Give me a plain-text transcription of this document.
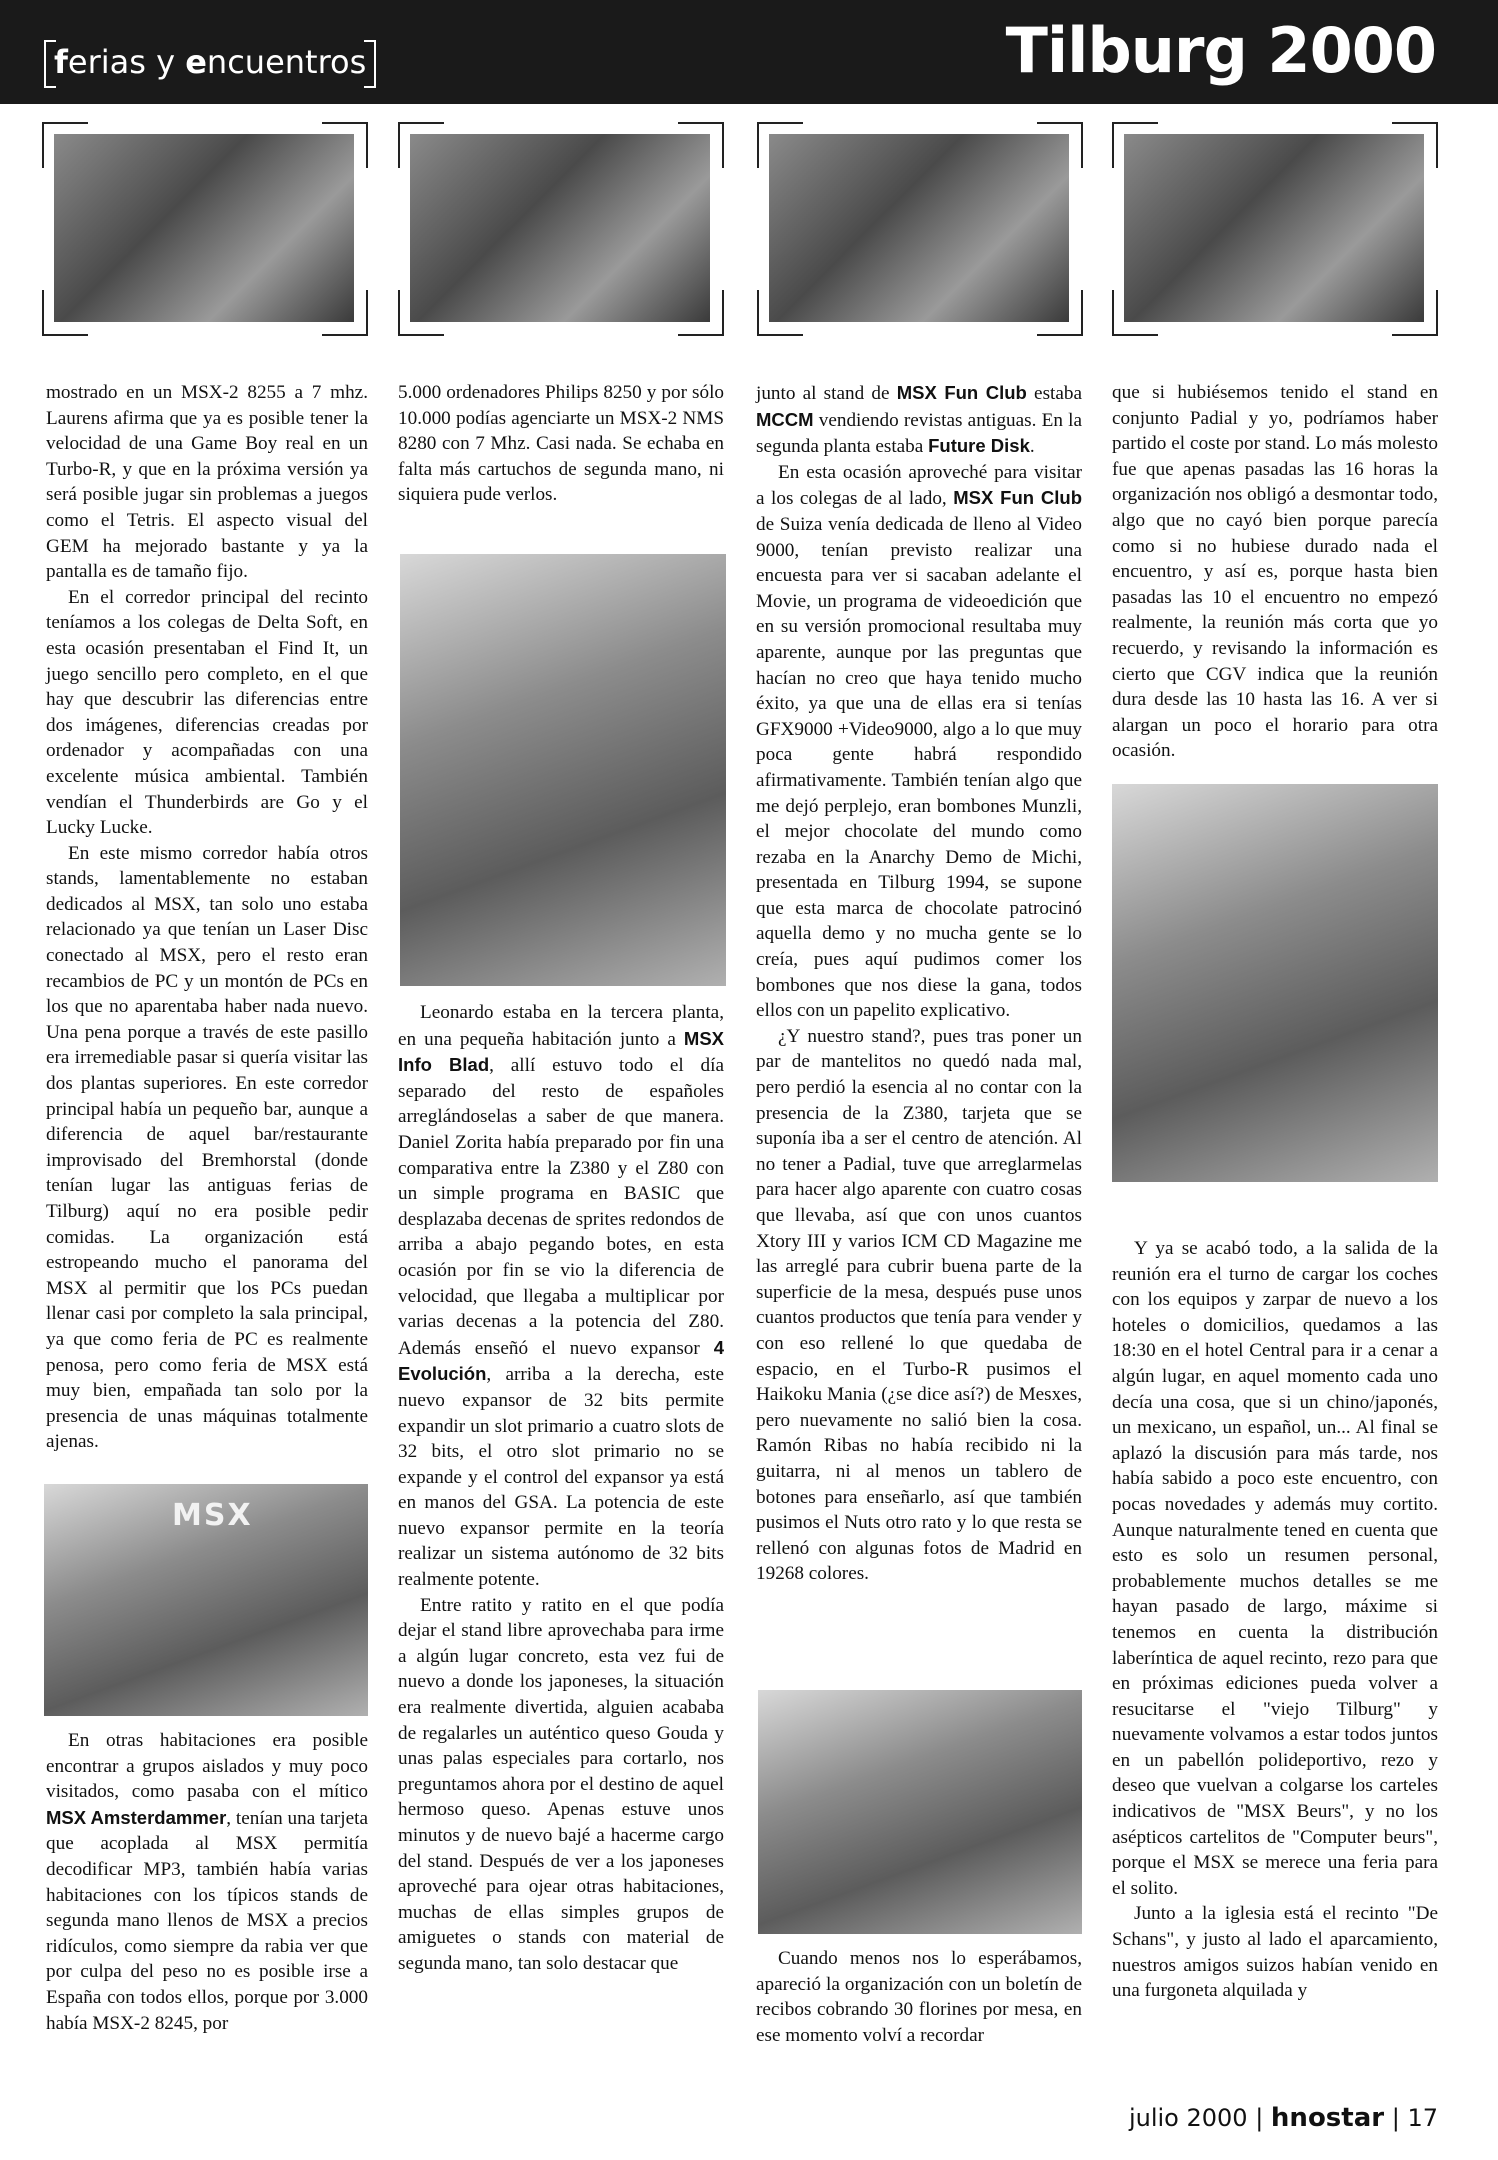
ferias y encuentros	Tilburg 2000

mostrado en un MSX-2 8255 a 7 mhz. Laurens afirma que ya es posible tener la velocidad de una Game Boy real en un Turbo-R, y que en la próxima versión ya será posible jugar sin problemas a juegos como el Tetris. El aspecto visual del GEM ha mejorado bastante y ya la pantalla es de tamaño fijo.

En el corredor principal del recinto teníamos a los colegas de Delta Soft, en esta ocasión presentaban el Find It, un juego sencillo pero completo, en el que hay que descubrir las diferencias entre dos imágenes, diferencias creadas por ordenador y acompañadas con una excelente música ambiental. También vendían el Thunderbirds are Go y el Lucky Lucke.

En este mismo corredor había otros stands, lamentablemente no estaban dedicados al MSX, tan solo uno estaba relacionado ya que tenían un Laser Disc conectado al MSX, pero el resto eran recambios de PC y un montón de PCs en los que no aparentaba haber nada nuevo. Una pena porque a través de este pasillo era irremediable pasar si quería visitar las dos plantas superiores. En este corredor principal había un pequeño bar, aunque a diferencia de aquel bar/restaurante improvisado del Bremhorstal (donde tenían lugar las antiguas ferias de Tilburg) aquí no era posible pedir comidas. La organización está estropeando mucho el panorama del MSX al permitir que los PCs puedan llenar casi por completo la sala principal, ya que como feria de PC es realmente penosa, pero como feria de MSX está muy bien, empañada tan solo por la presencia de unas máquinas totalmente ajenas.

MSX

En otras habitaciones era posible encontrar a grupos aislados y muy poco visitados, como pasaba con el mítico MSX Amsterdammer, tenían una tarjeta que acoplada al MSX permitía decodificar MP3, también había varias habitaciones con los típicos stands de segunda mano llenos de MSX a precios ridículos, como siempre da rabia ver que por culpa del peso no es posible irse a España con todos ellos, porque por 3.000 había MSX-2 8245, por

5.000 ordenadores Philips 8250 y por sólo 10.000 podías agenciarte un MSX-2 NMS 8280 con 7 Mhz. Casi nada. Se echaba en falta más cartuchos de segunda mano, ni siquiera pude verlos.

Leonardo estaba en la tercera planta, en una pequeña habitación junto a MSX Info Blad, allí estuvo todo el día separado del resto de españoles arreglándoselas a saber de que manera. Daniel Zorita había preparado por fin una comparativa entre la Z380 y el Z80 con un simple programa en BASIC que desplazaba decenas de sprites redondos de arriba a abajo pegando botes, en esta ocasión por fin se vio la diferencia de velocidad, que llegaba a multiplicar por varias decenas a la potencia del Z80. Además enseñó el nuevo expansor 4 Evolución, arriba a la derecha, este nuevo expansor de 32 bits permite expandir un slot primario a cuatro slots de 32 bits, el otro slot primario no se expande y el control del expansor ya está en manos del GSA. La potencia de este nuevo expansor permite en la teoría realizar un sistema autónomo de 32 bits realmente potente.

Entre ratito y ratito en el que podía dejar el stand libre aprovechaba para irme a algún lugar concreto, esta vez fui de nuevo a donde los japoneses, la situación era realmente divertida, alguien acababa de regalarles un auténtico queso Gouda y unas palas especiales para cortarlo, nos preguntamos ahora por el destino de aquel hermoso queso. Apenas estuve unos minutos y de nuevo bajé a hacerme cargo del stand. Después de ver a los japoneses aproveché para ojear otras habitaciones, muchas de ellas simples grupos de amiguetes o stands con material de segunda mano, tan solo destacar que

junto al stand de MSX Fun Club estaba MCCM vendiendo revistas antiguas. En la segunda planta estaba Future Disk.

En esta ocasión aproveché para visitar a los colegas de al lado, MSX Fun Club de Suiza venía dedicada de lleno al Video 9000, tenían previsto realizar una encuesta para ver si sacaban adelante el Movie, un programa de videoedición que en su versión promocional resultaba muy aparente, aunque por las preguntas que hacían no creo que haya tenido mucho éxito, ya que una de ellas era si tenías GFX9000 +Video9000, algo a lo que muy poca gente habrá respondido afirmativamente. También tenían algo que me dejó perplejo, eran bombones Munzli, el mejor chocolate del mundo como rezaba en la Anarchy Demo de Michi, presentada en Tilburg 1994, se supone que esta marca de chocolate patrocinó aquella demo y no mucha gente se lo creía, pues aquí pudimos comer los bombones que nos diese la gana, todos ellos con un papelito explicativo.

¿Y nuestro stand?, pues tras poner un par de mantelitos no quedó nada mal, pero perdió la esencia al no contar con la presencia de la Z380, tarjeta que se suponía iba a ser el centro de atención. Al no tener a Padial, tuve que arreglarmelas para hacer algo aparente con cuatro cosas que llevaba, así que con unos cuantos Xtory III y varios ICM CD Magazine me las arreglé para cubrir buena parte de la superficie de la mesa, después puse unos cuantos productos que tenía para vender y con eso rellené lo que quedaba de espacio, en el Turbo-R pusimos el Haikoku Mania (¿se dice así?) de Mesxes, pero nuevamente no salió bien la cosa. Ramón Ribas no había recibido ni la guitarra, ni al menos un tablero de botones para enseñarlo, así que también pusimos el Nuts otro rato y lo que resta se rellenó con algunas fotos de Madrid en 19268 colores.

Cuando menos nos lo esperábamos, apareció la organización con un boletín de recibos cobrando 30 florines por mesa, en ese momento volví a recordar

que si hubiésemos tenido el stand en conjunto Padial y yo, podríamos haber partido el coste por stand. Lo más molesto fue que apenas pasadas las 16 horas la organización nos obligó a desmontar todo, algo que no cayó bien porque parecía como si no hubiese durado nada el encuentro, y así es, porque hasta bien pasadas las 10 el encuentro no empezó realmente, la reunión más corta que yo recuerdo, y revisando la información es cierto que CGV indica que la reunión dura desde las 10 hasta las 16. A ver si alargan un poco el horario para otra ocasión.

Y ya se acabó todo, a la salida de la reunión era el turno de cargar los coches con los equipos y zarpar de nuevo a los hoteles o domicilios, quedamos a las 18:30 en el hotel Central para ir a cenar a algún lugar, en aquel momento cada uno decía una cosa, que si un chino/japonés, un mexicano, un español, un... Al final se aplazó la discusión para más tarde, nos había sabido a poco este encuentro, con pocas novedades y además muy cortito. Aunque naturalmente tened en cuenta que esto es solo un resumen personal, probablemente muchos detalles se me hayan pasado de largo, máxime si tenemos en cuenta la distribución laberíntica de aquel recinto, rezo para que en próximas ediciones pueda volver a resucitarse el "viejo Tilburg" y nuevamente volvamos a estar todos juntos en un pabellón polideportivo, rezo y deseo que vuelvan a colgarse los carteles indicativos de "MSX Beurs", y no los asépticos cartelitos de "Computer beurs", porque el MSX se merece una feria para el solito.

Junto a la iglesia está el recinto "De Schans", y justo al lado el aparcamiento, nuestros amigos suizos habían venido en una furgoneta alquilada y

julio 2000 | hnostar | 17
